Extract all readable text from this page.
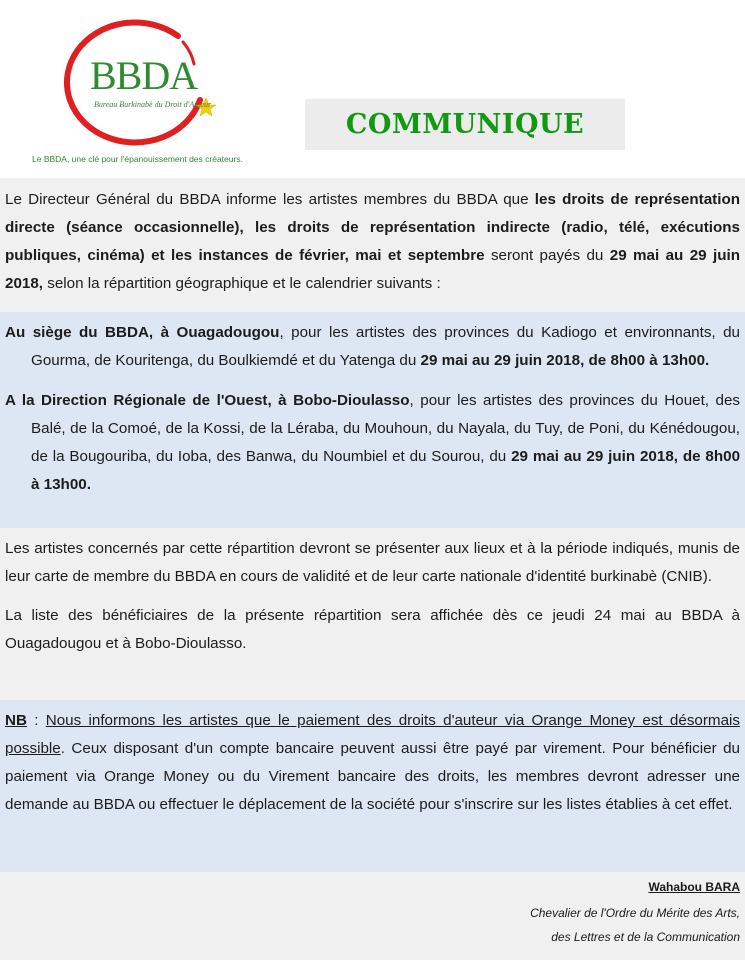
BBDA
Bureau Burkinabè du Droit d'Auteur
Le BBDA, une clé pour l'épanouissement des créateurs.
COMMUNIQUE

Le Directeur Général du BBDA informe les artistes membres du BBDA que les droits de représentation directe (séance occasionnelle), les droits de représentation indirecte (radio, télé, exécutions publiques, cinéma) et les instances de février, mai et septembre seront payés du 29 mai au 29 juin 2018, selon la répartition géographique et le calendrier suivants :

Au siège du BBDA, à Ouagadougou, pour les artistes des provinces du Kadiogo et environnants, du Gourma, de Kouritenga, du Boulkiemdé et du Yatenga du 29 mai au 29 juin 2018, de 8h00 à 13h00.

A la Direction Régionale de l'Ouest, à Bobo-Dioulasso, pour les artistes des provinces du Houet, des Balé, de la Comoé, de la Kossi, de la Léraba, du Mouhoun, du Nayala, du Tuy, de Poni, du Kénédougou, de la Bougouriba, du Ioba, des Banwa, du Noumbiel et du Sourou, du 29 mai au 29 juin 2018, de 8h00 à 13h00.

Les artistes concernés par cette répartition devront se présenter aux lieux et à la période indiqués, munis de leur carte de membre du BBDA en cours de validité et de leur carte nationale d'identité burkinabè (CNIB).

La liste des bénéficiaires de la présente répartition sera affichée dès ce jeudi 24 mai au BBDA à Ouagadougou et à Bobo-Dioulasso.

NB : Nous informons les artistes que le paiement des droits d'auteur via Orange Money est désormais possible. Ceux disposant d'un compte bancaire peuvent aussi être payé par virement. Pour bénéficier du paiement via Orange Money ou du Virement bancaire des droits, les membres devront adresser une demande au BBDA ou effectuer le déplacement de la société pour s'inscrire sur les listes établies à cet effet.

Wahabou BARA
Chevalier de l'Ordre du Mérite des Arts,
des Lettres et de la Communication
